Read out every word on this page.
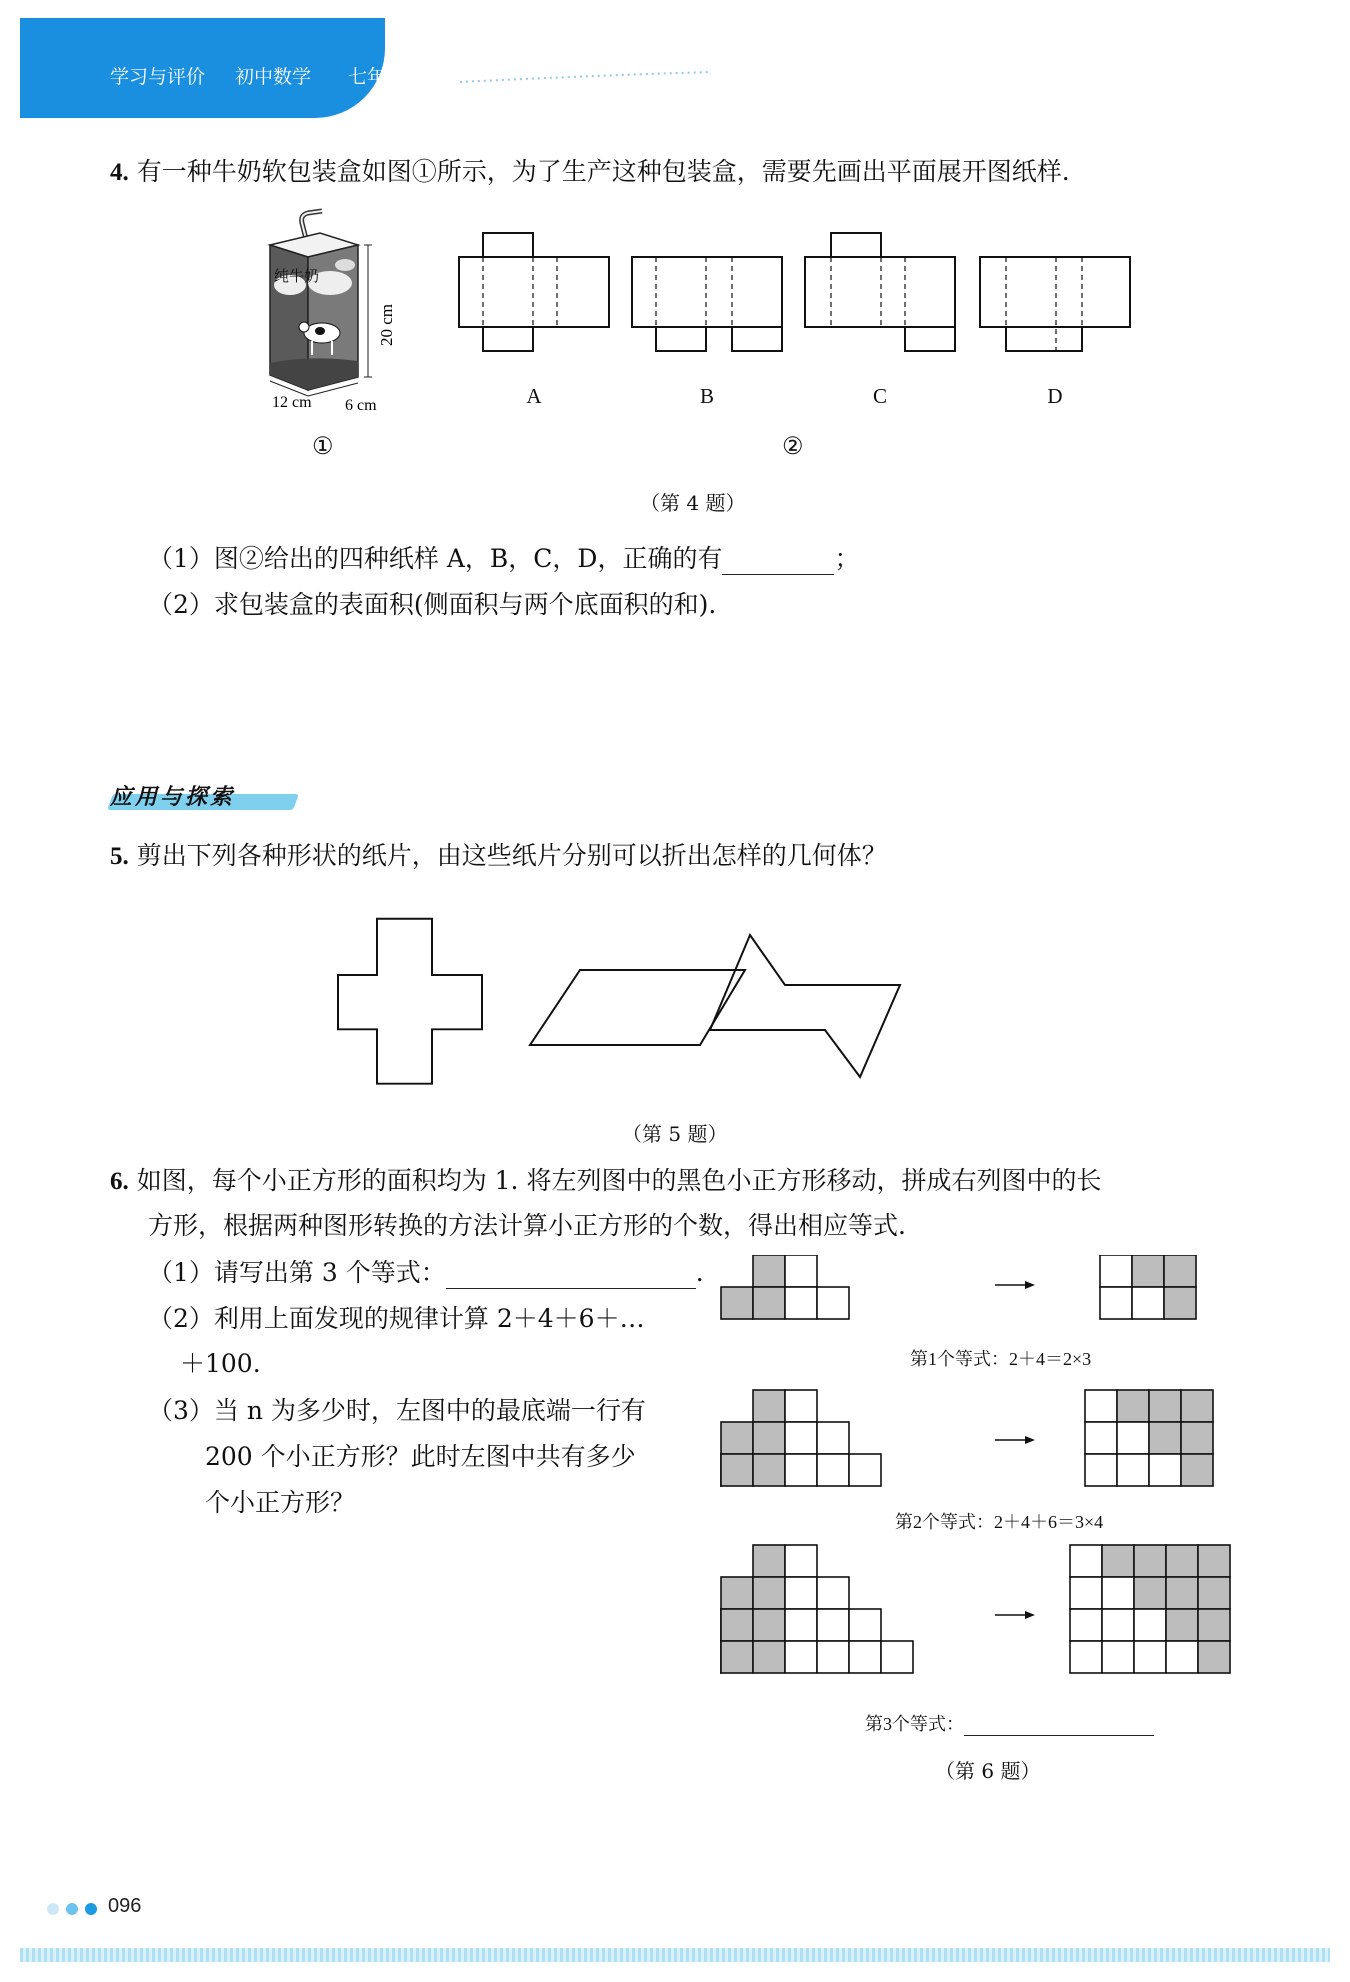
学习与评价 初中数学 七年级上册
4. 有一种牛奶软包装盒如图①所示，为了生产这种包装盒，需要先画出平面展开图纸样.
纯牛奶
20 cm
12 cm 6 cm	A	B	C	D
①	②
（第 4 题）
（1）图②给出的四种纸样 A，B，C，D，正确的有	；
（2）求包装盒的表面积(侧面积与两个底面积的和).
应用与探索
5. 剪出下列各种形状的纸片，由这些纸片分别可以折出怎样的几何体？
（第 5 题）
6. 如图，每个小正方形的面积均为 1. 将左列图中的黑色小正方形移动，拼成右列图中的长
方形，根据两种图形转换的方法计算小正方形的个数，得出相应等式.
（1）请写出第 3 个等式：	.
（2）利用上面发现的规律计算 2＋4＋6＋…
＋100.
（3）当 n 为多少时，左图中的最底端一行有
200 个小正方形？此时左图中共有多少
个小正方形？
第1个等式：2＋4＝2×3
第2个等式：2＋4＋6＝3×4
第3个等式：
（第 6 题）
096
